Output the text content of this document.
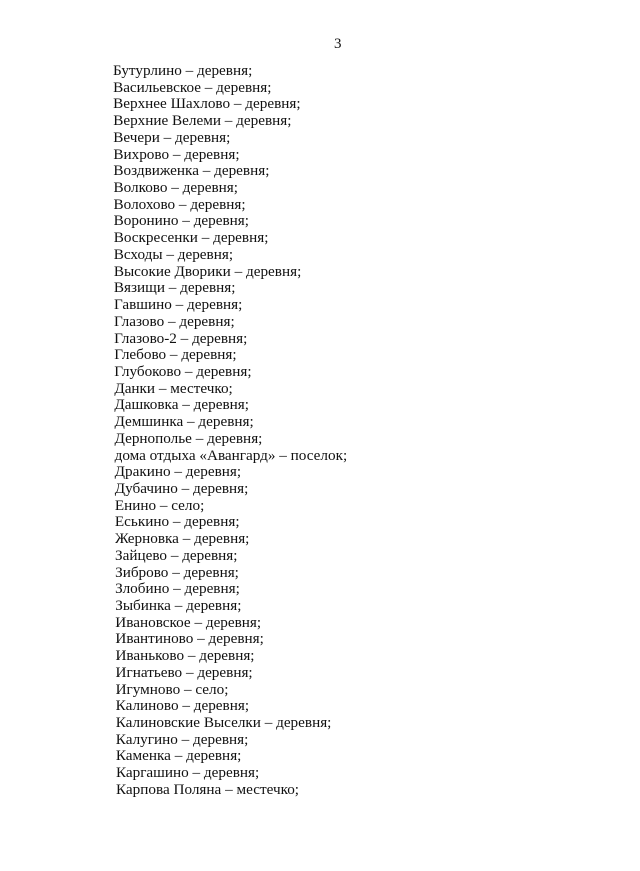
3
Бутурлино – деревня;
Васильевское – деревня;
Верхнее Шахлово – деревня;
Верхние Велеми – деревня;
Вечери – деревня;
Вихрово – деревня;
Воздвиженка – деревня;
Волково – деревня;
Волохово – деревня;
Воронино – деревня;
Воскресенки – деревня;
Всходы – деревня;
Высокие Дворики – деревня;
Вязищи – деревня;
Гавшино – деревня;
Глазово – деревня;
Глазово-2 – деревня;
Глебово – деревня;
Глубоково – деревня;
Данки – местечко;
Дашковка – деревня;
Демшинка – деревня;
Дернополье – деревня;
дома отдыха «Авангард» – поселок;
Дракино – деревня;
Дубачино – деревня;
Енино – село;
Еськино – деревня;
Жерновка – деревня;
Зайцево – деревня;
Зиброво – деревня;
Злобино – деревня;
Зыбинка – деревня;
Ивановское – деревня;
Ивантиново – деревня;
Иваньково – деревня;
Игнатьево – деревня;
Игумново – село;
Калиново – деревня;
Калиновские Выселки – деревня;
Калугино – деревня;
Каменка – деревня;
Каргашино – деревня;
Карпова Поляна – местечко;
